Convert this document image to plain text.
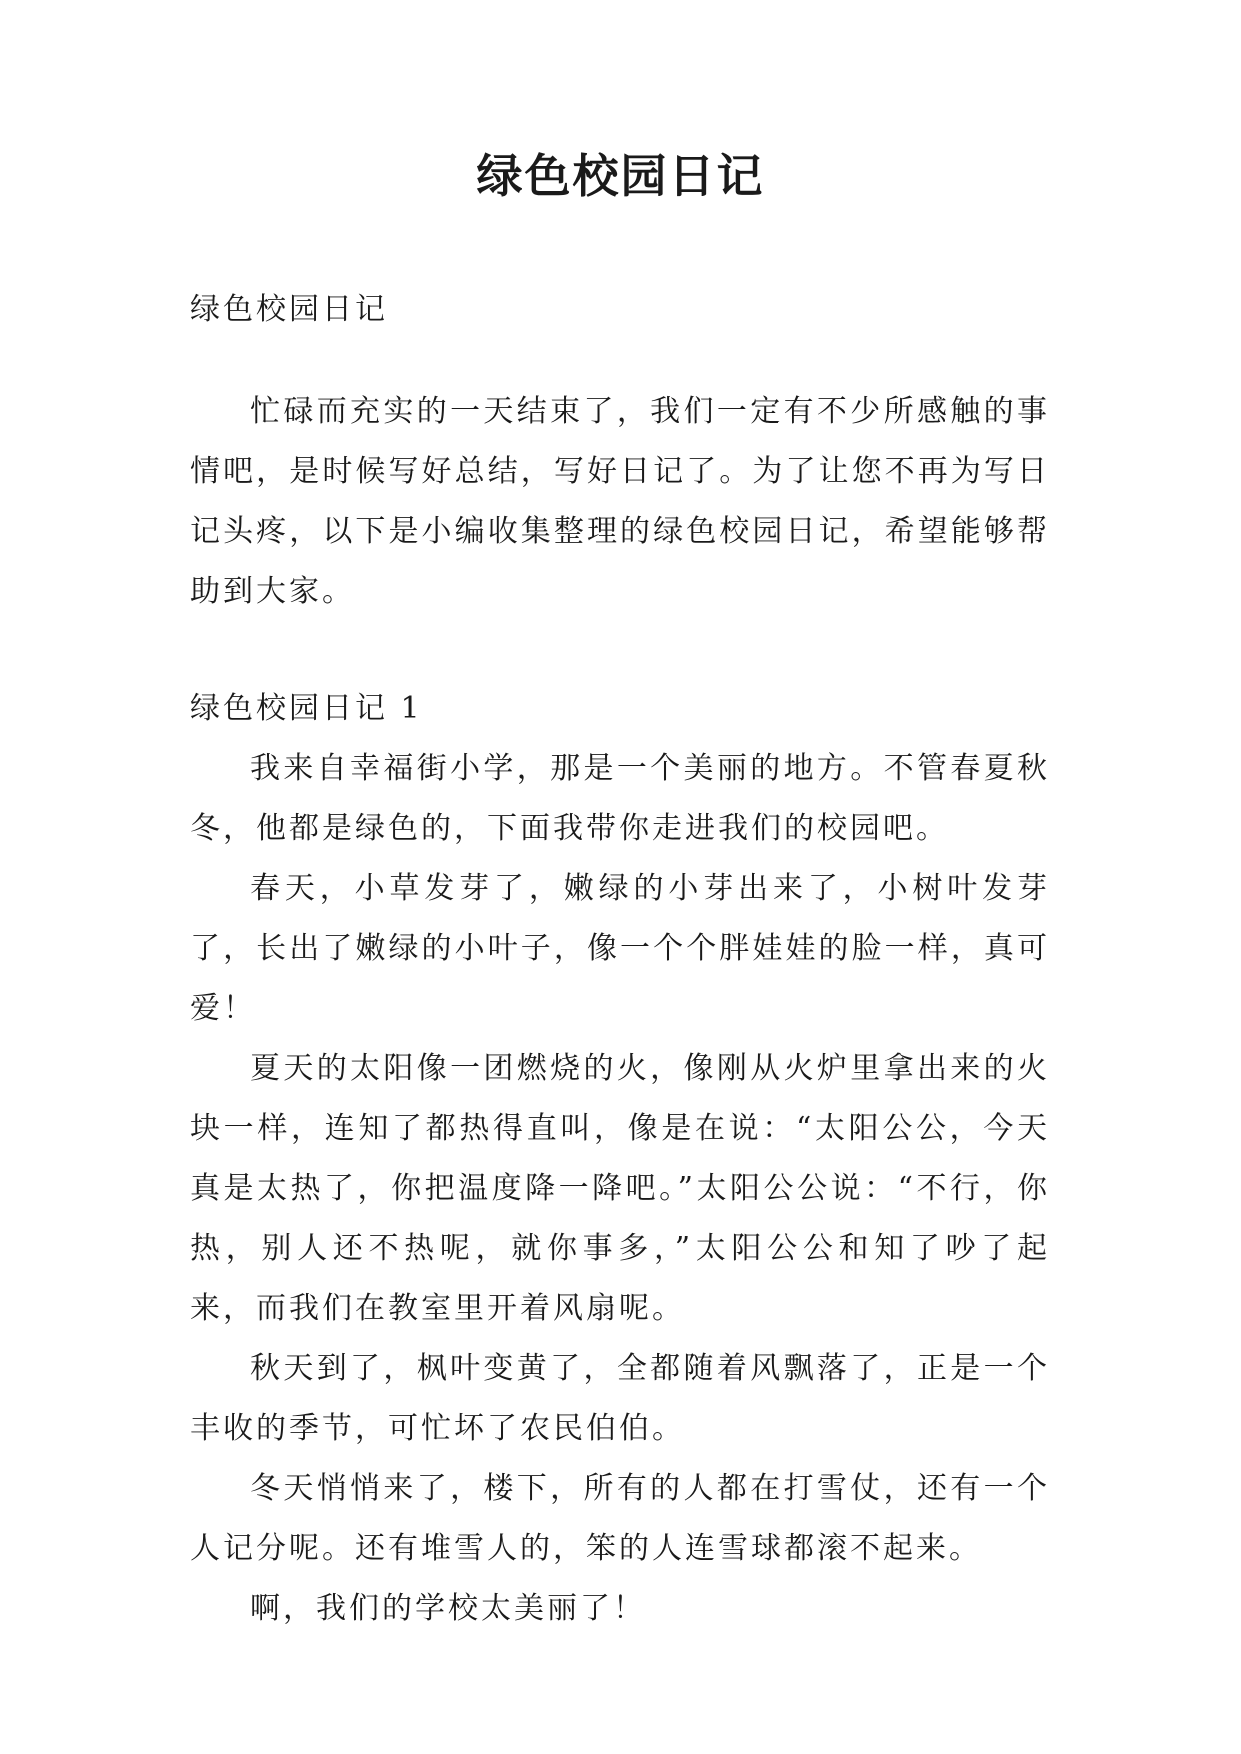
绿色校园日记
绿色校园日记
忙碌而充实的一天结束了，我们一定有不少所感触的事情吧，是时候写好总结，写好日记了。为了让您不再为写日记头疼，以下是小编收集整理的绿色校园日记，希望能够帮助到大家。
绿色校园日记 1

我来自幸福街小学，那是一个美丽的地方。不管春夏秋冬，他都是绿色的，下面我带你走进我们的校园吧。

春天，小草发芽了，嫩绿的小芽出来了，小树叶发芽了，长出了嫩绿的小叶子，像一个个胖娃娃的脸一样，真可爱！

夏天的太阳像一团燃烧的火，像刚从火炉里拿出来的火块一样，连知了都热得直叫，像是在说：“太阳公公，今天真是太热了，你把温度降一降吧。”太阳公公说：“不行，你热，别人还不热呢，就你事多，”太阳公公和知了吵了起来，而我们在教室里开着风扇呢。

秋天到了，枫叶变黄了，全都随着风飘落了，正是一个丰收的季节，可忙坏了农民伯伯。

冬天悄悄来了，楼下，所有的人都在打雪仗，还有一个人记分呢。还有堆雪人的，笨的人连雪球都滚不起来。

啊，我们的学校太美丽了！
